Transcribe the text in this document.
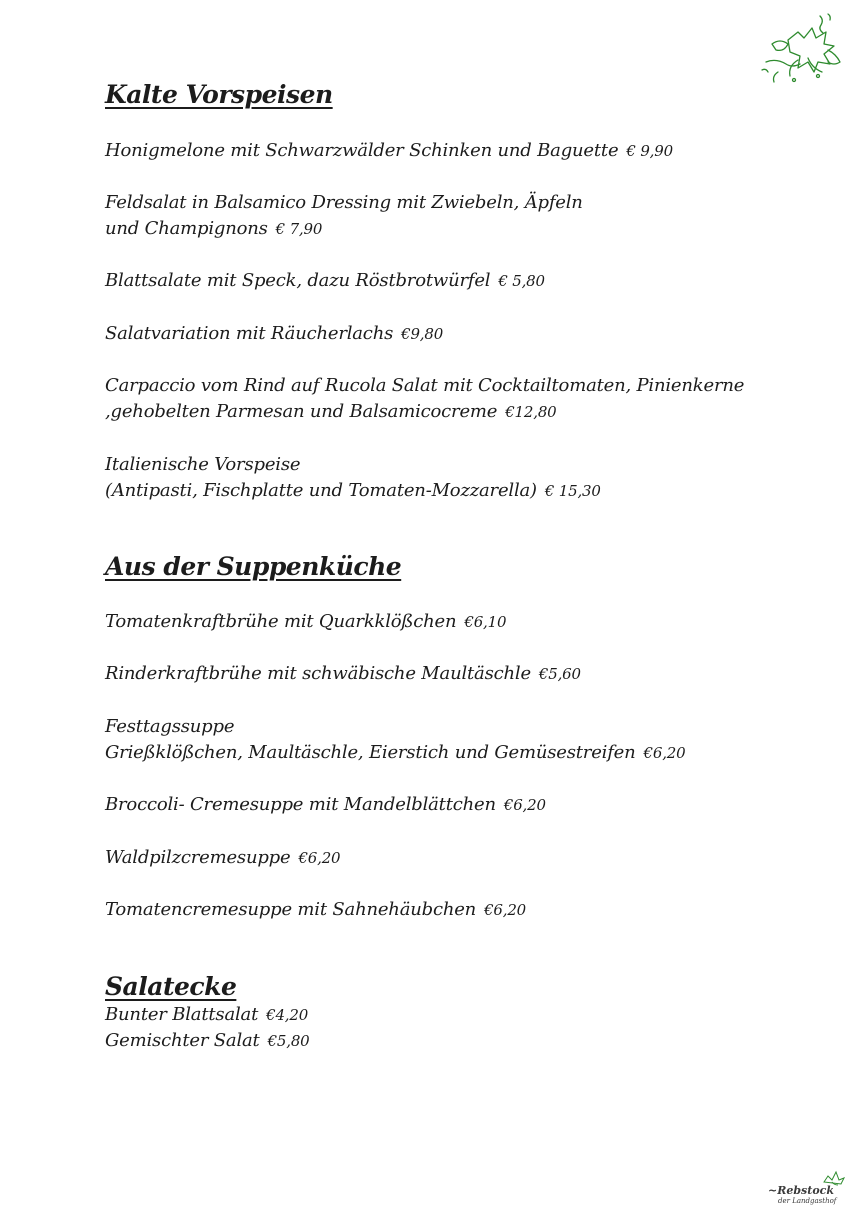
~Rebstock
der Landgasthof
Kalte Vorspeisen
Honigmelone mit Schwarzwälder Schinken und Baguette € 9,90
Feldsalat in Balsamico Dressing mit Zwiebeln, Äpfeln
und Champignons € 7,90
Blattsalate mit Speck, dazu Röstbrotwürfel € 5,80
Salatvariation mit Räucherlachs €9,80
Carpaccio vom Rind auf Rucola Salat mit Cocktailtomaten, Pinienkerne
,gehobelten Parmesan und Balsamicocreme €12,80
Italienische Vorspeise
(Antipasti, Fischplatte und Tomaten-Mozzarella) € 15,30
Aus der Suppenküche
Tomatenkraftbrühe mit Quarkklößchen €6,10
Rinderkraftbrühe mit schwäbische Maultäschle €5,60
Festtagssuppe
Grießklößchen, Maultäschle, Eierstich und Gemüsestreifen €6,20
Broccoli- Cremesuppe mit Mandelblättchen €6,20
Waldpilzcremesuppe €6,20
Tomatencremesuppe mit Sahnehäubchen €6,20
Salatecke
Bunter Blattsalat €4,20
Gemischter Salat €5,80
